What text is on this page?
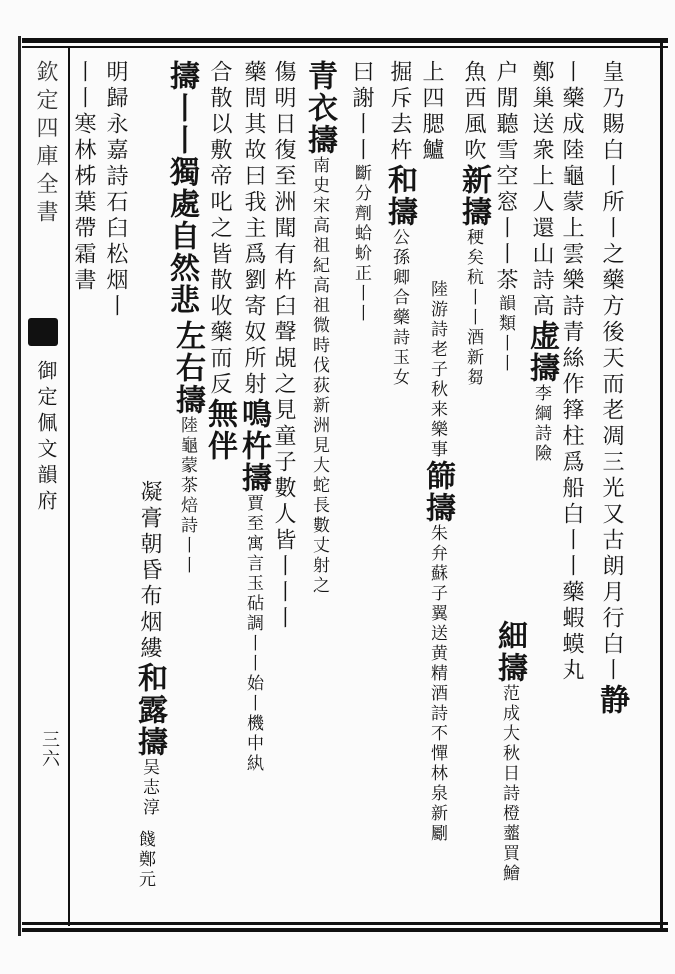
欽定四庫全書
御定佩文韻府
三六
皇乃賜白丨所丨之藥方後天而老凋三光又古朗月行白丨静
丨藥成陸龜蒙上雲樂詩青絲作箨柱爲船白丨丨藥蝦蟆丸
鄭巢送衆上人還山詩高虚擣李綱詩險
户閒聽雪空窓丨丨茶韻類丨丨
細擣范成大秋日詩橙虀買鱠
魚西風吹新擣稉矣秔丨丨酒新芻
上四腮鱸
陸游詩老子秋来樂事篩擣朱弁蘇子翼送黄精酒詩不憚林泉新劚
掘斥去杵和擣公孫卿合藥詩玉女
曰謝丨丨斷分劑蛤蚧正丨丨
青衣擣南史宋高祖紀高祖微時伐荻新洲見大蛇長數丈射之
傷明日復至洲聞有杵臼聲覘之見童子數人皆丨丨丨
藥問其故曰我主爲劉寄奴所射鳴杵擣賈至寓言玉砧調丨丨始丨機中紈
合散以敷帝叱之皆散收藥而反無伴
擣丨丨獨處自然悲
左右擣陸龜蒙茶焙詩丨丨
凝膏朝昏布烟縷和露擣吴志淳
餞鄭元
明歸永嘉詩石臼松烟丨
丨丨寒林柹葉帶霜書
